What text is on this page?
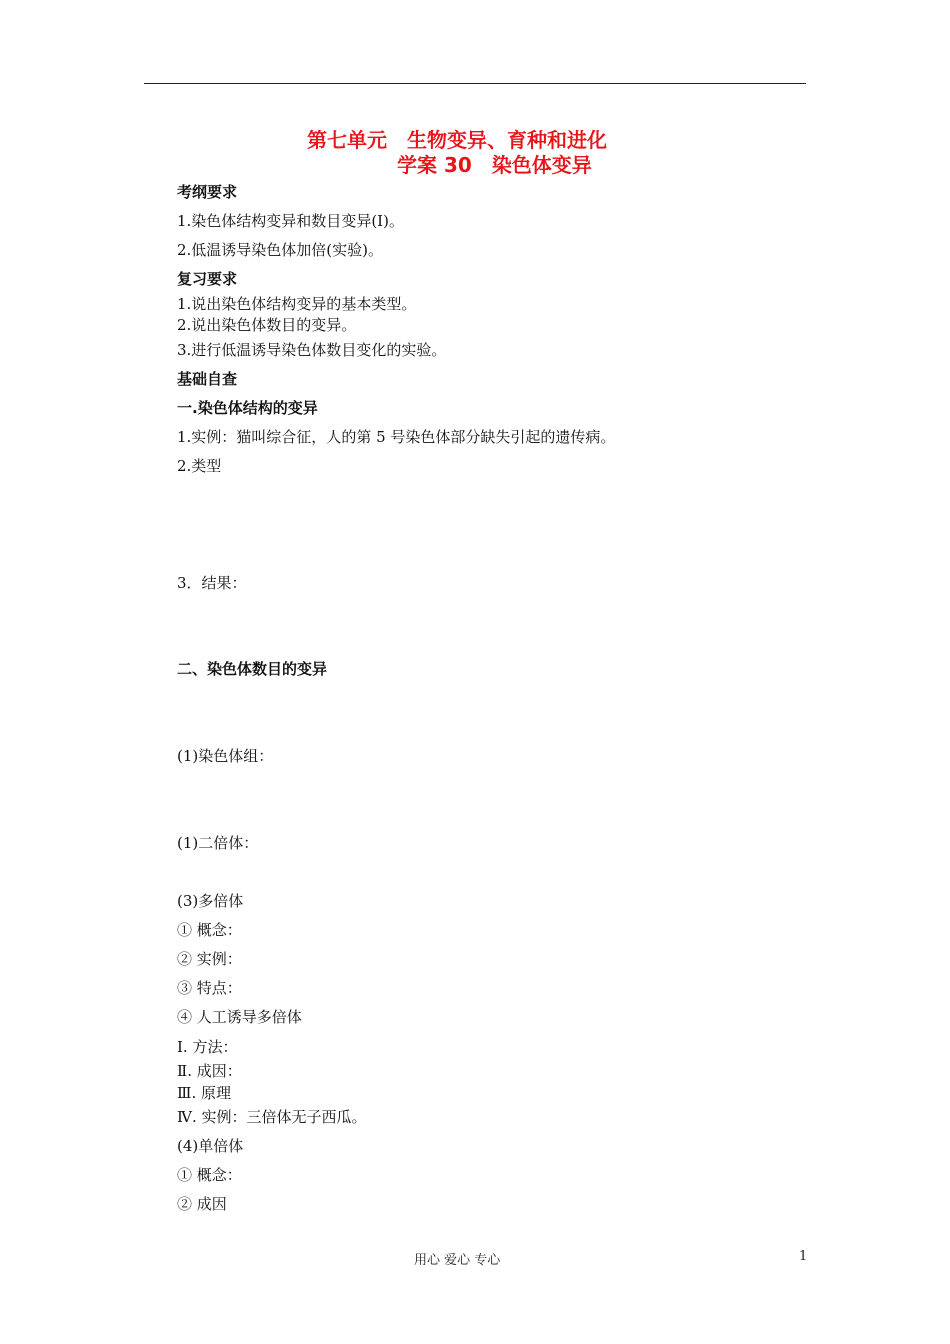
第七单元　生物变异、育种和进化
学案 30　染色体变异
考纲要求
1.染色体结构变异和数目变异(Ⅰ)。
2.低温诱导染色体加倍(实验)。
复习要求
1.说出染色体结构变异的基本类型。
2.说出染色体数目的变异。
3.进行低温诱导染色体数目变化的实验。
基础自查
一.染色体结构的变异
1.实例：猫叫综合征，人的第 5 号染色体部分缺失引起的遗传病。
2.类型
3．结果：
二、染色体数目的变异
(1)染色体组：
(1)二倍体：
(3)多倍体
① 概念：
② 实例：
③ 特点：
④ 人工诱导多倍体
Ⅰ. 方法：
Ⅱ. 成因：
Ⅲ. 原理
Ⅳ. 实例：三倍体无子西瓜。
(4)单倍体
① 概念：
② 成因
用心 爱心 专心	1
